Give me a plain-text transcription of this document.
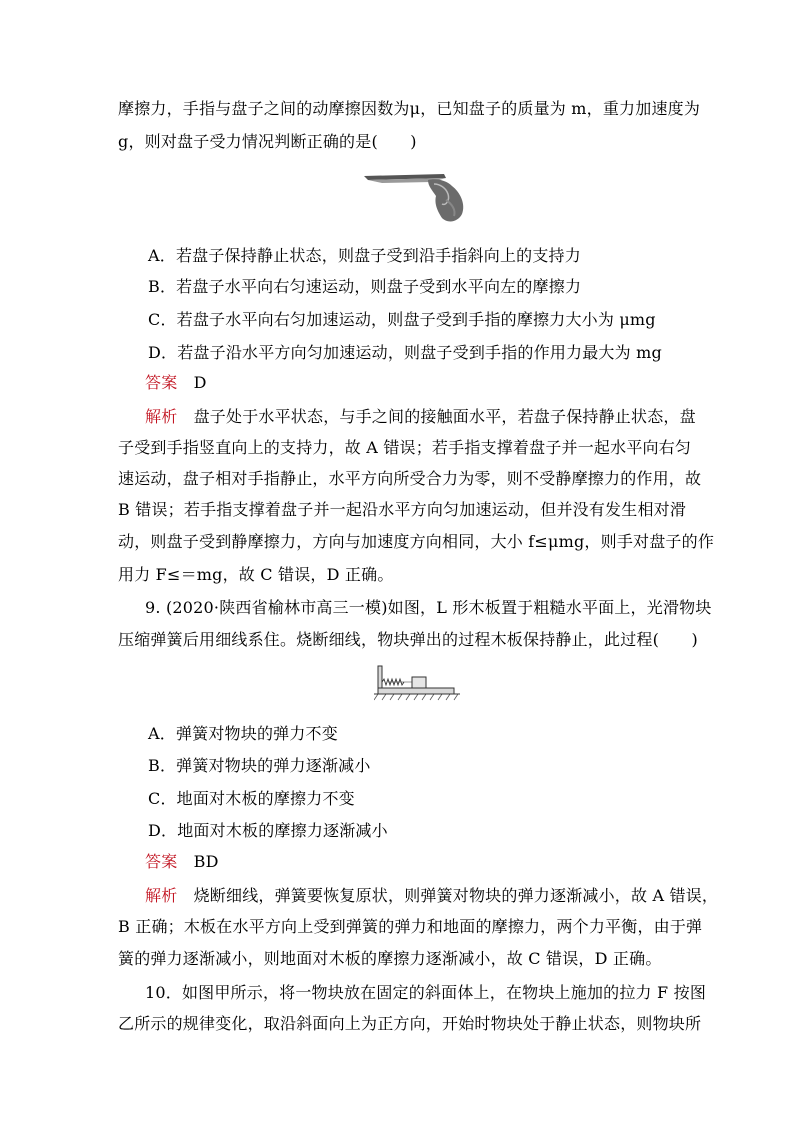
摩擦力，手指与盘子之间的动摩擦因数为μ，已知盘子的质量为 m，重力加速度为
g，则对盘子受力情况判断正确的是(　　)
A．若盘子保持静止状态，则盘子受到沿手指斜向上的支持力
B．若盘子水平向右匀速运动，则盘子受到水平向左的摩擦力
C．若盘子水平向右匀加速运动，则盘子受到手指的摩擦力大小为 μmg
D．若盘子沿水平方向匀加速运动，则盘子受到手指的作用力最大为 mg
答案　 D
解析　 盘子处于水平状态，与手之间的接触面水平，若盘子保持静止状态，盘
子受到手指竖直向上的支持力，故 A 错误；若手指支撑着盘子并一起水平向右匀
速运动，盘子相对手指静止，水平方向所受合力为零，则不受静摩擦力的作用，故
B 错误；若手指支撑着盘子并一起沿水平方向匀加速运动，但并没有发生相对滑
动，则盘子受到静摩擦力，方向与加速度方向相同，大小 f≤μmg，则手对盘子的作
用力 F≤＝mg，故 C 错误，D 正确。
9. (2020·陕西省榆林市高三一模)如图，L 形木板置于粗糙水平面上，光滑物块
压缩弹簧后用细线系住。烧断细线，物块弹出的过程木板保持静止，此过程(　　)
A．弹簧对物块的弹力不变
B．弹簧对物块的弹力逐渐减小
C．地面对木板的摩擦力不变
D．地面对木板的摩擦力逐渐减小
答案　 BD
解析　 烧断细线，弹簧要恢复原状，则弹簧对物块的弹力逐渐减小，故 A 错误，
B 正确；木板在水平方向上受到弹簧的弹力和地面的摩擦力，两个力平衡，由于弹
簧的弹力逐渐减小，则地面对木板的摩擦力逐渐减小，故 C 错误，D 正确。
10．如图甲所示，将一物块放在固定的斜面体上，在物块上施加的拉力 F 按图
乙所示的规律变化，取沿斜面向上为正方向，开始时物块处于静止状态，则物块所
